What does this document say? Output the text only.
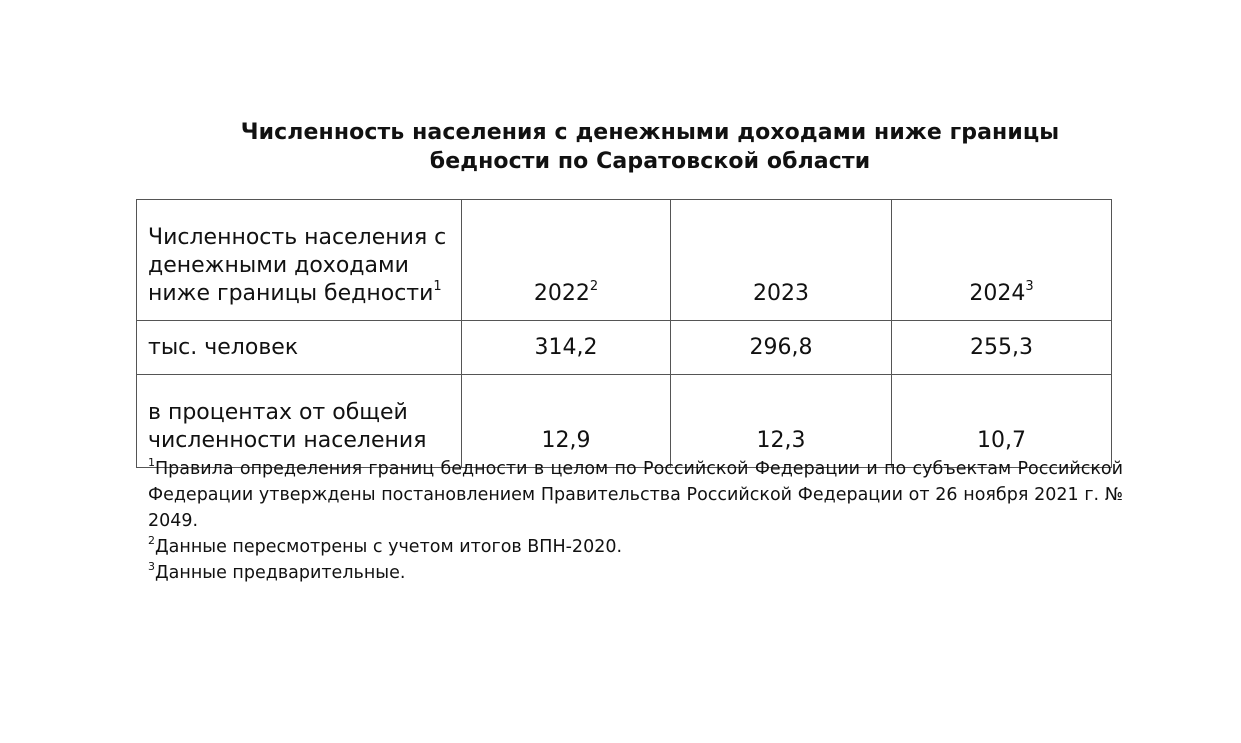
Численность населения с денежными доходами ниже границы
бедности по Саратовской области
Численность населения с денежными доходами ниже границы бедности$^1$	2022$^2$	2023	2024$^3$
тыс. человек	314,2	296,8	255,3
в процентах от общей численности населения	12,9	12,3	10,7

$^1$Правила определения границ бедности в целом по Российской Федерации и по субъектам Российской Федерации утверждены постановлением Правительства Российской Федерации от 26 ноября 2021 г. № 2049.

$^2$Данные пересмотрены с учетом итогов ВПН-2020.

$^3$Данные предварительные.
